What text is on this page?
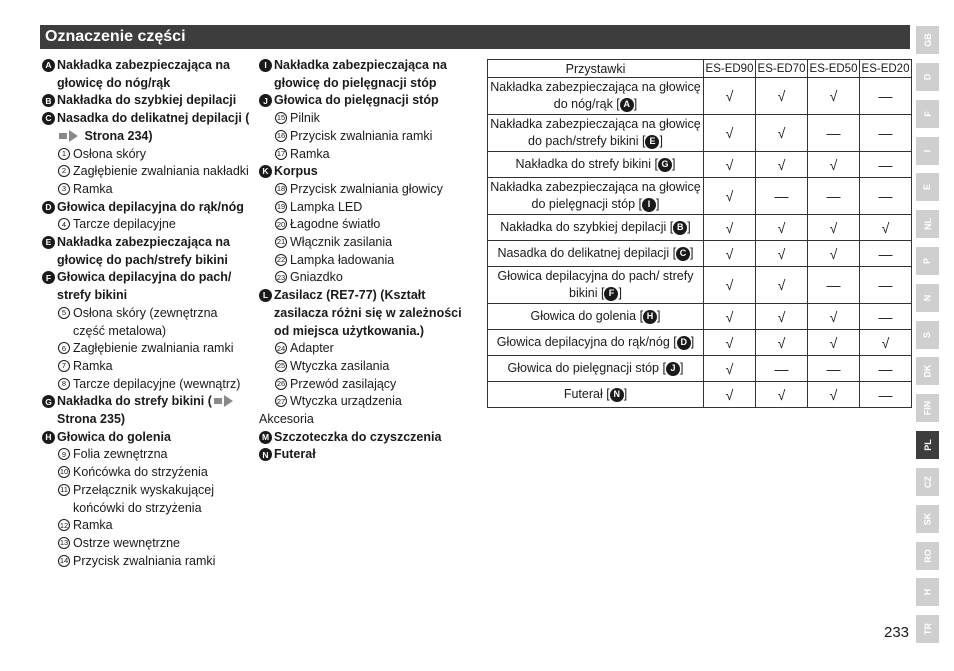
Oznaczenie części
A Nakładka zabezpieczająca na głowicę do nóg/rąk
B Nakładka do szybkiej depilacji
C Nasadka do delikatnej depilacji ( Strona 234)
1 Osłona skóry
2 Zagłębienie zwalniania nakładki
3 Ramka
D Głowica depilacyjna do rąk/nóg
4 Tarcze depilacyjne
E Nakładka zabezpieczająca na głowicę do pach/strefy bikini
F Głowica depilacyjna do pach/ strefy bikini
5 Osłona skóry (zewnętrzna część metalowa)
6 Zagłębienie zwalniania ramki
7 Ramka
8 Tarcze depilacyjne (wewnątrz)
G Nakładka do strefy bikini ( Strona 235)
H Głowica do golenia
9 Folia zewnętrzna
10 Końcówka do strzyżenia
11 Przełącznik wyskakującej końcówki do strzyżenia
12 Ramka
13 Ostrze wewnętrzne
14 Przycisk zwalniania ramki
I Nakładka zabezpieczająca na głowicę do pielęgnacji stóp
J Głowica do pielęgnacji stóp
15 Pilnik
16 Przycisk zwalniania ramki
17 Ramka
K Korpus
18 Przycisk zwalniania głowicy
19 Lampka LED
20 Łagodne światło
21 Włącznik zasilania
22 Lampka ładowania
23 Gniazdko
L Zasilacz (RE7-77) (Kształt zasilacza różni się w zależności od miejsca użytkowania.)
24 Adapter
25 Wtyczka zasilania
26 Przewód zasilający
27 Wtyczka urządzenia
Akcesoria
M Szczoteczka do czyszczenia
N Futerał
Przystawki	ES-ED90	ES-ED70	ES-ED50	ES-ED20
Nakładka zabezpieczająca na głowicę do nóg/rąk [ A ]	√	√	√	—
Nakładka zabezpieczająca na głowicę do pach/strefy bikini [ E ]	√	√	—	—
Nakładka do strefy bikini [ G ]	√	√	√	—
Nakładka zabezpieczająca na głowicę do pielęgnacji stóp [ I ]	√	—	—	—
Nakładka do szybkiej depilacji [ B ]	√	√	√	√
Nasadka do delikatnej depilacji [ C ]	√	√	√	—
Głowica depilacyjna do pach/ strefy bikini [ F ]	√	√	—	—
Głowica do golenia [ H ]	√	√	√	—
Głowica depilacyjna do rąk/nóg [ D ]	√	√	√	√
Głowica do pielęgnacji stóp [ J ]	√	—	—	—
Futerał [ N ]	√	√	√	—
GB
D
F
I
E
NL
P
N
S
DK
FIN
PL
CZ
SK
RO
H
TR
233
